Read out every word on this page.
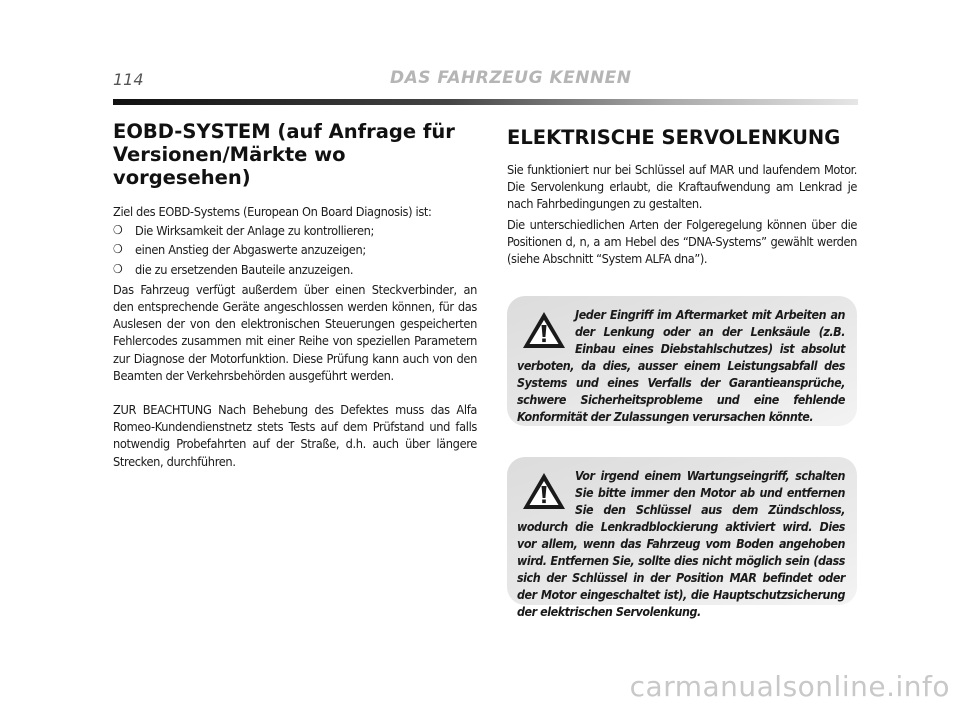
114	DAS FAHRZEUG KENNEN
EOBD-SYSTEM (auf Anfrage für
Versionen/Märkte wo vorgesehen)

Ziel des EOBD-Systems (European On Board Diagnosis) ist:

❍ Die Wirksamkeit der Anlage zu kontrollieren;
❍ einen Anstieg der Abgaswerte anzuzeigen;
❍ die zu ersetzenden Bauteile anzuzeigen.

Das Fahrzeug verfügt außerdem über einen Steckverbinder, an den entsprechende Geräte angeschlossen werden können, für das Auslesen der von den elektronischen Steuerungen gespeicherten Fehlercodes zusammen mit einer Reihe von speziellen Parametern zur Diagnose der Motorfunktion. Diese Prüfung kann auch von den Beamten der Verkehrsbehörden ausgeführt werden.

ZUR BEACHTUNG Nach Behebung des Defektes muss das Alfa Romeo-Kundendienstnetz stets Tests auf dem Prüfstand und falls notwendig Probefahrten auf der Straße, d.h. auch über längere Strecken, durchführen.

ELEKTRISCHE SERVOLENKUNG

Sie funktioniert nur bei Schlüssel auf MAR und laufendem Motor. Die Servolenkung erlaubt, die Kraftaufwendung am Lenkrad je nach Fahrbedingungen zu gestalten.

Die unterschiedlichen Arten der Folgeregelung können über die Positionen d, n, a am Hebel des “DNA-Systems” gewählt werden (siehe Abschnitt “System ALFA dna”).

Jeder Eingriff im Aftermarket mit Arbeiten an der Lenkung oder an der Lenksäule (z.B. Einbau eines Diebstahlschutzes) ist absolut verboten, da dies, ausser einem Leistungsabfall des Systems und eines Verfalls der Garantieansprüche, schwere Sicherheitsprobleme und eine fehlende Konformität der Zulassungen verursachen könnte.

Vor irgend einem Wartungseingriff, schalten Sie bitte immer den Motor ab und entfernen Sie den Schlüssel aus dem Zündschloss, wodurch die Lenkradblockierung aktiviert wird. Dies vor allem, wenn das Fahrzeug vom Boden angehoben wird. Entfernen Sie, sollte dies nicht möglich sein (dass sich der Schlüssel in der Position MAR befindet oder der Motor eingeschaltet ist), die Hauptschutzsicherung der elektrischen Servolenkung.

carmanualsonline.info
